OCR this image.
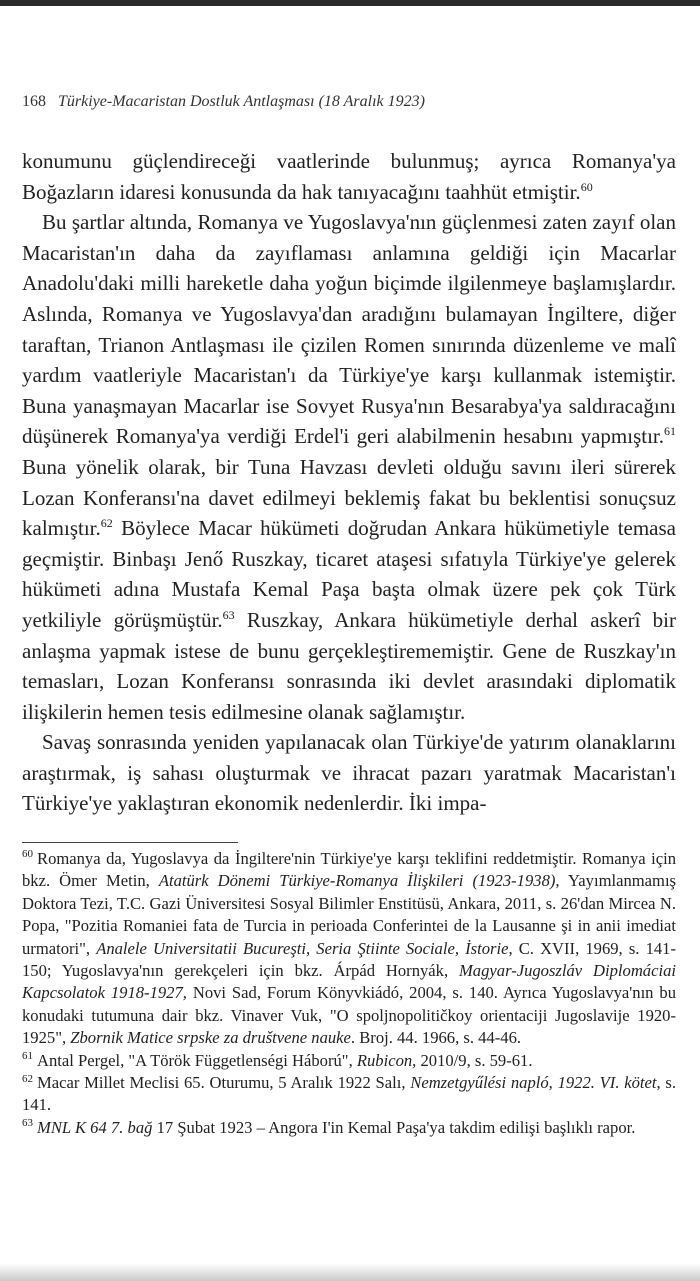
168 Türkiye-Macaristan Dostluk Antlaşması (18 Aralık 1923)

konumunu güçlendireceği vaatlerinde bulunmuş; ayrıca Romanya'ya Boğazların idaresi konusunda da hak tanıyacağını taahhüt etmiştir.$^{60}$

Bu şartlar altında, Romanya ve Yugoslavya'nın güçlenmesi zaten zayıf olan Macaristan'ın daha da zayıflaması anlamına geldiği için Macarlar Anadolu'daki milli hareketle daha yoğun biçimde ilgilenmeye başlamışlardır. Aslında, Romanya ve Yugoslavya'dan aradığını bulamayan İngiltere, diğer taraftan, Trianon Antlaşması ile çizilen Romen sınırında düzenleme ve malî yardım vaatleriyle Macaristan'ı da Türkiye'ye karşı kullanmak istemiştir. Buna yanaşmayan Macarlar ise Sovyet Rusya'nın Besarabya'ya saldıracağını düşünerek Romanya'ya verdiği Erdel'i geri alabilmenin hesabını yapmıştır.$^{61}$ Buna yönelik olarak, bir Tuna Havzası devleti olduğu savını ileri sürerek Lozan Konferansı'na davet edilmeyi beklemiş fakat bu beklentisi sonuçsuz kalmıştır.$^{62}$ Böylece Macar hükümeti doğrudan Ankara hükümetiyle temasa geçmiştir. Binbaşı Jenő Ruszkay, ticaret ataşesi sıfatıyla Türkiye'ye gelerek hükümeti adına Mustafa Kemal Paşa başta olmak üzere pek çok Türk yetkiliyle görüşmüştür.$^{63}$ Ruszkay, Ankara hükümetiyle derhal askerî bir anlaşma yapmak istese de bunu gerçekleştirememiştir. Gene de Ruszkay'ın temasları, Lozan Konferansı sonrasında iki devlet arasındaki diplomatik ilişkilerin hemen tesis edilmesine olanak sağlamıştır.

Savaş sonrasında yeniden yapılanacak olan Türkiye'de yatırım olanaklarını araştırmak, iş sahası oluşturmak ve ihracat pazarı yaratmak Macaristan'ı Türkiye'ye yaklaştıran ekonomik nedenlerdir. İki impa-

$^{60}$ Romanya da, Yugoslavya da İngiltere'nin Türkiye'ye karşı teklifini reddetmiştir. Romanya için bkz. Ömer Metin, Atatürk Dönemi Türkiye-Romanya İlişkileri (1923-1938), Yayımlanmamış Doktora Tezi, T.C. Gazi Üniversitesi Sosyal Bilimler Enstitüsü, Ankara, 2011, s. 26'dan Mircea N. Popa, "Pozitia Romaniei fata de Turcia in perioada Conferintei de la Lausanne şi in anii imediat urmatori", Analele Universitatii Bucureşti, Seria Ştiinte Sociale, İstorie, C. XVII, 1969, s. 141-150; Yugoslavya'nın gerekçeleri için bkz. Árpád Hornyák, Magyar-Jugoszláv Diplomáciai Kapcsolatok 1918-1927, Novi Sad, Forum Könyvkiádó, 2004, s. 140. Ayrıca Yugoslavya'nın bu konudaki tutumuna dair bkz. Vinaver Vuk, "O spoljnopolitičkoy orientaciji Jugoslavije 1920-1925", Zbornik Matice srpske za društvene nauke. Broj. 44. 1966, s. 44-46.

$^{61}$ Antal Pergel, "A Török Függetlenségi Háború", Rubicon, 2010/9, s. 59-61.

$^{62}$ Macar Millet Meclisi 65. Oturumu, 5 Aralık 1922 Salı, Nemzetgyűlési napló, 1922. VI. kötet, s. 141.

$^{63}$ MNL K 64 7. bağ 17 Şubat 1923 – Angora I'in Kemal Paşa'ya takdim edilişi başlıklı rapor.
